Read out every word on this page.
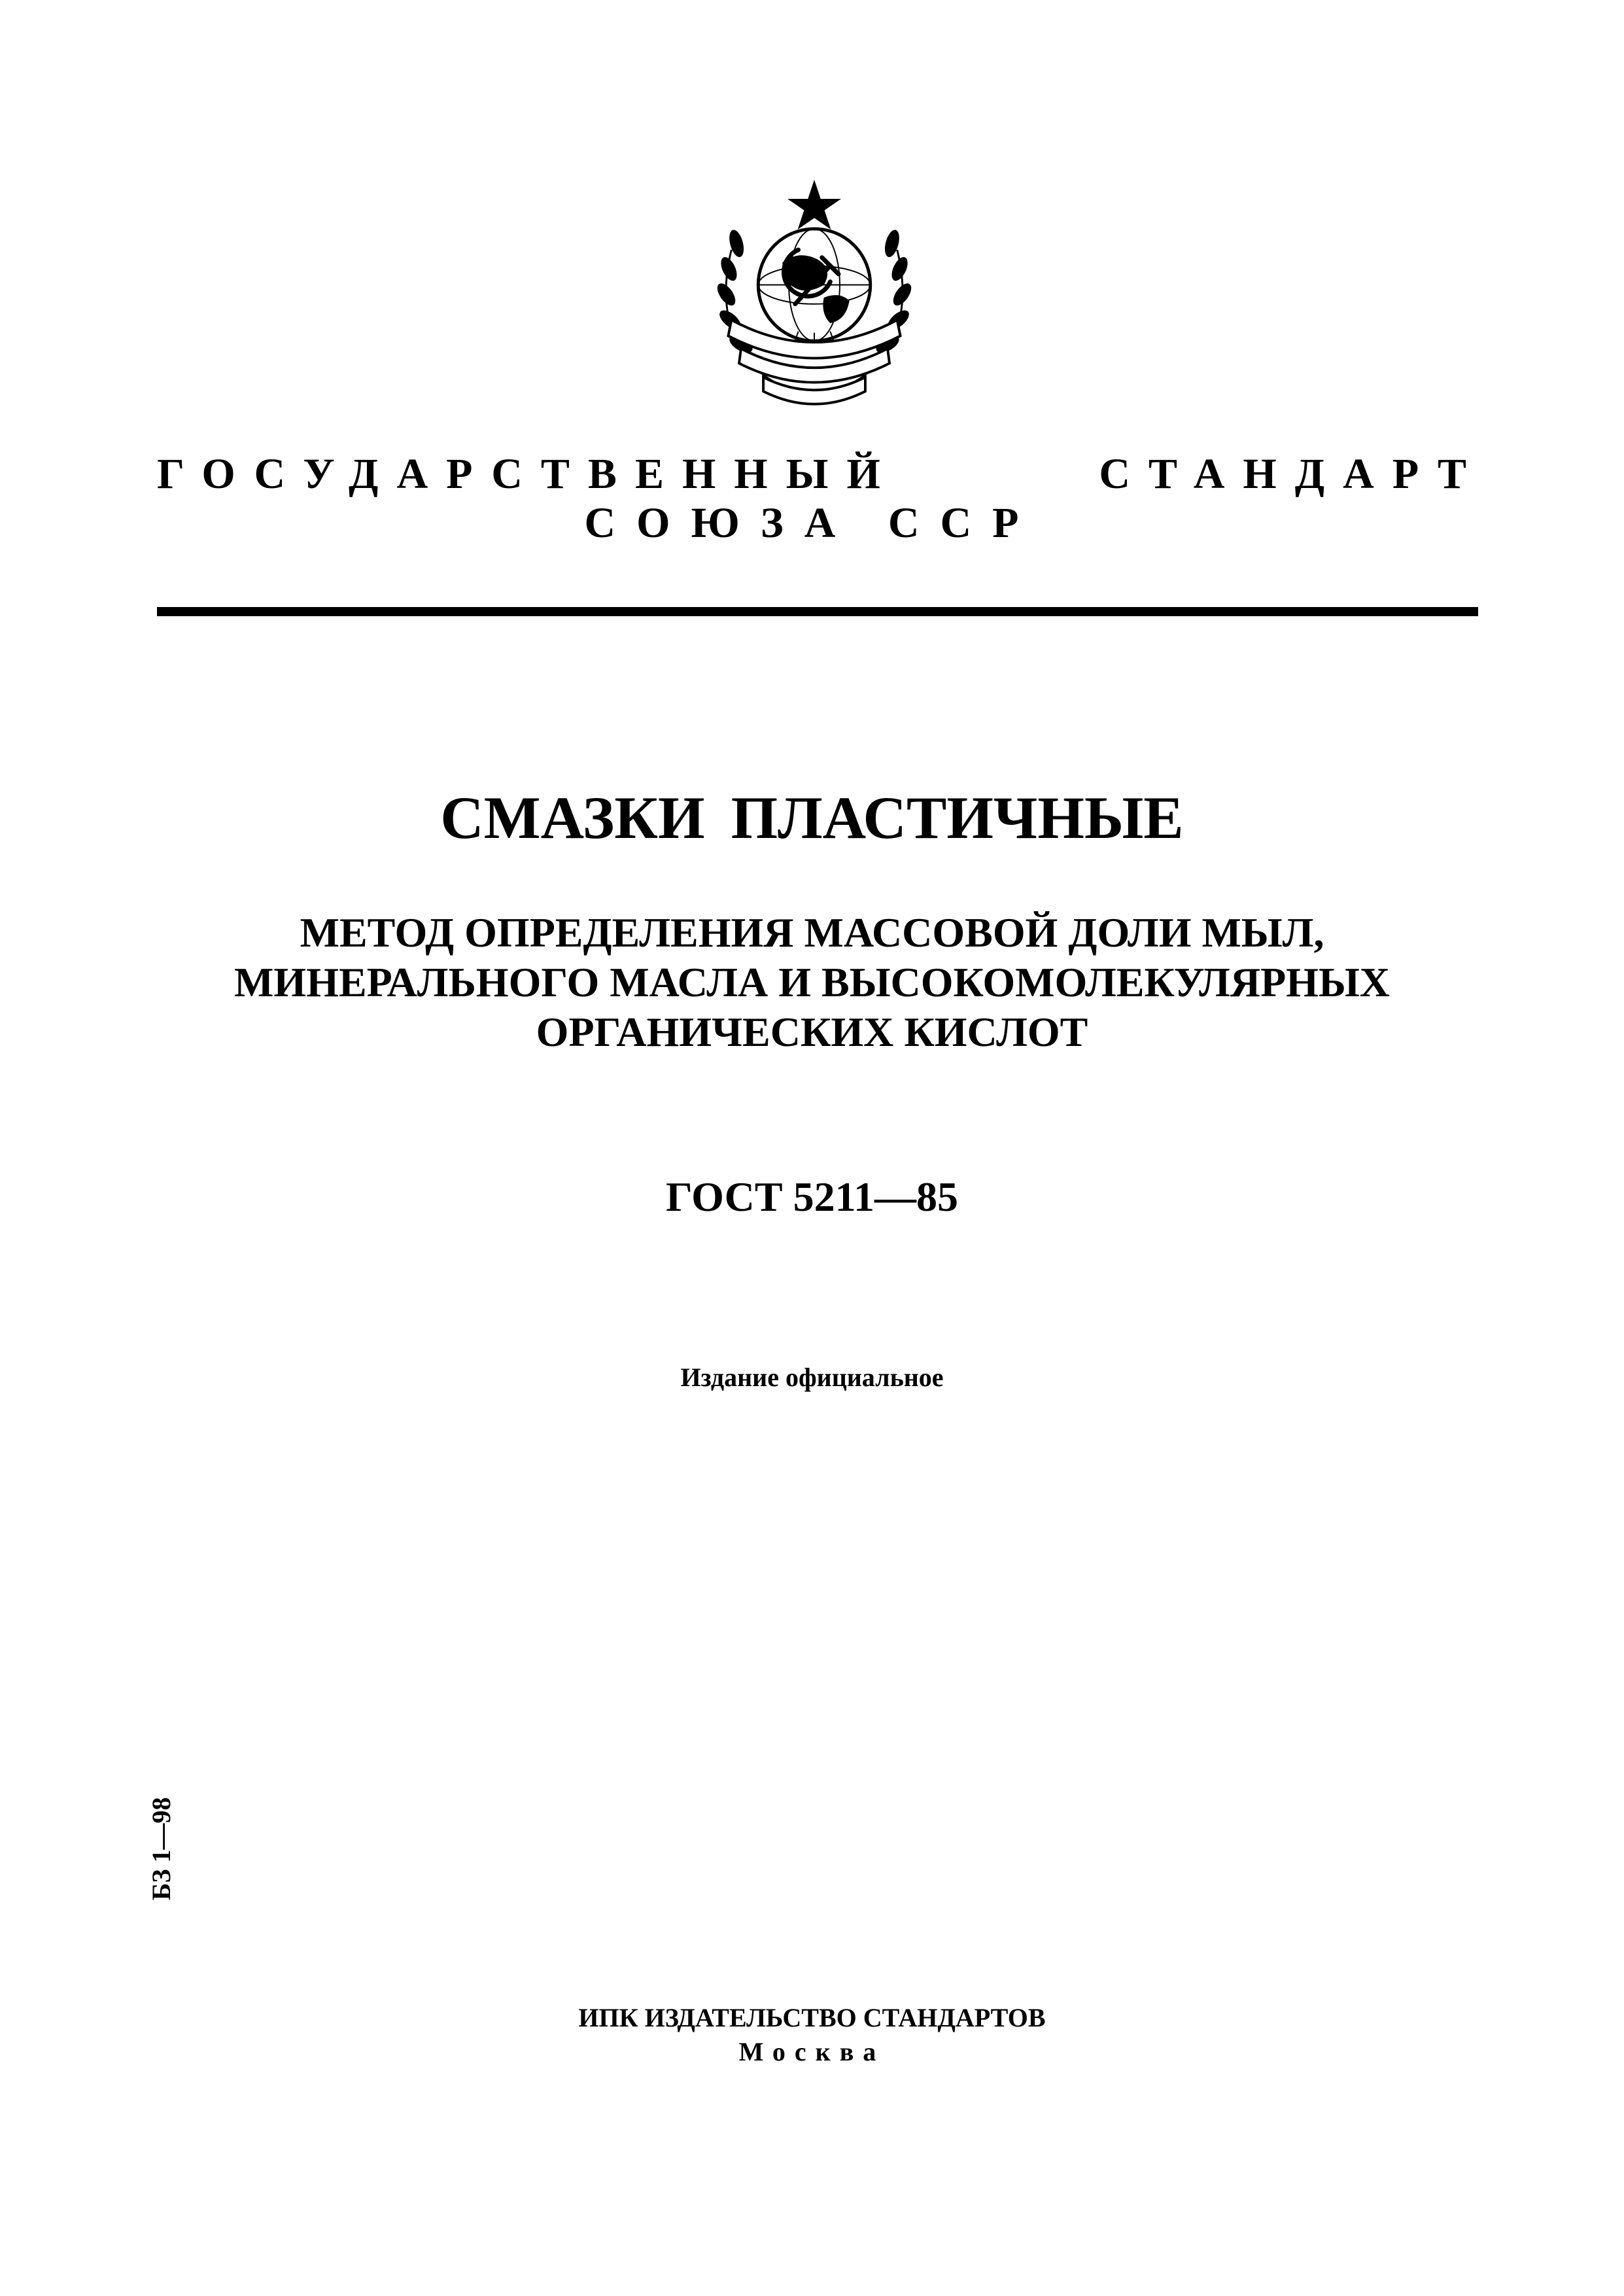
ГОСУДАРСТВЕННЫЙ	СТАНДАРТ
СОЮЗА ССР
СМАЗКИ ПЛАСТИЧНЫЕ
МЕТОД ОПРЕДЕЛЕНИЯ МАССОВОЙ ДОЛИ МЫЛ,
МИНЕРАЛЬНОГО МАСЛА И ВЫСОКОМОЛЕКУЛЯРНЫХ
ОРГАНИЧЕСКИХ КИСЛОТ
ГОСТ 5211—85
Издание официальное
БЗ 1—98
ИПК ИЗДАТЕЛЬСТВО СТАНДАРТОВ
Москва
